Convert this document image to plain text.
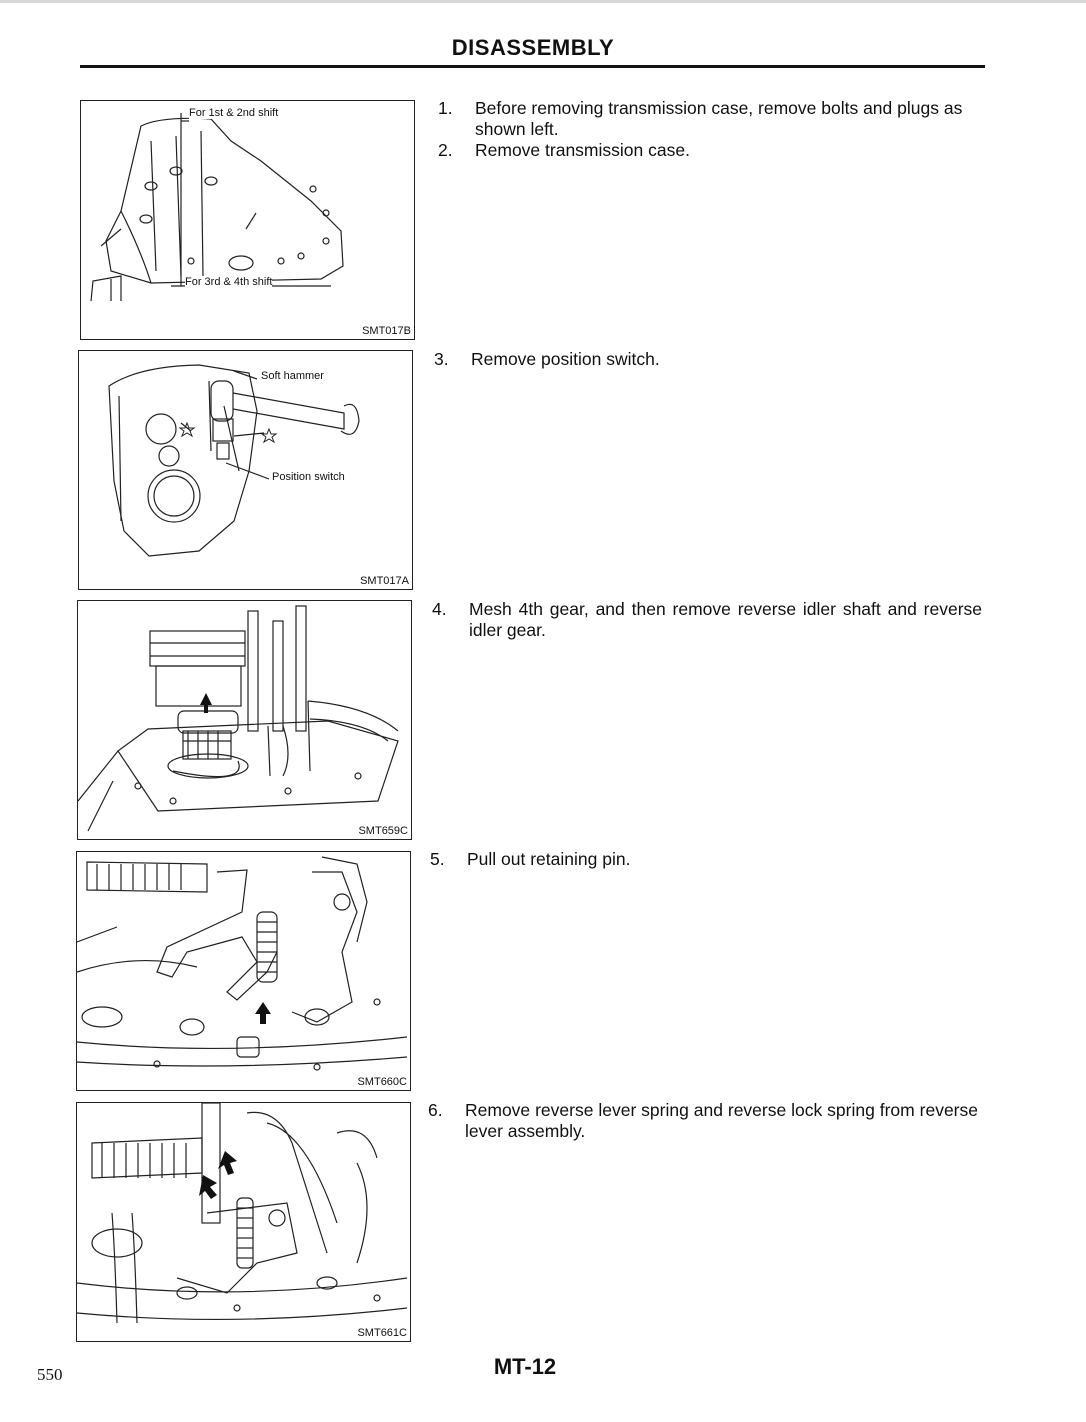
DISASSEMBLY
For 1st & 2nd shift
For 3rd & 4th shift
SMT017B
Soft hammer
Position switch
SMT017A
SMT659C
SMT660C
SMT661C
1. Before removing transmission case, remove bolts and plugs as shown left.
2. Remove transmission case.
3. Remove position switch.
4. Mesh 4th gear, and then remove reverse idler shaft and reverse idler gear.
5. Pull out retaining pin.
6. Remove reverse lever spring and reverse lock spring from reverse lever assembly.
MT-12
550
